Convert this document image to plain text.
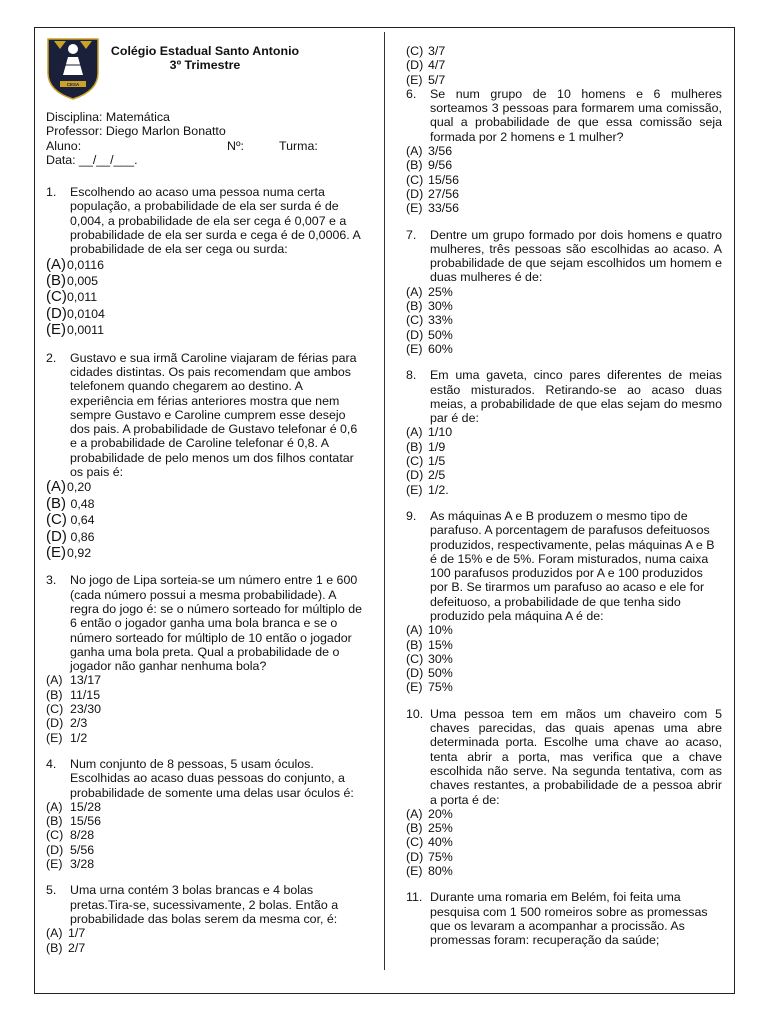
CESA
Colégio Estadual Santo Antonio
3º Trimestre
Disciplina: Matemática
Professor: Diego Marlon Bonatto
Aluno:	Nº:	Turma:
Data: __/__/___.
1.	Escolhendo ao acaso uma pessoa numa certa população, a probabilidade de ela ser surda é de 0,004, a probabilidade de ela ser cega é 0,007 e a probabilidade de ela ser surda e cega é de 0,0006. A probabilidade de ela ser cega ou surda:
(A) 0,0116
(B) 0,005
(C) 0,011
(D) 0,0104
(E) 0,0011
2.	Gustavo e sua irmã Caroline viajaram de férias para cidades distintas. Os pais recomendam que ambos telefonem quando chegarem ao destino. A experiência em férias anteriores mostra que nem sempre Gustavo e Caroline cumprem esse desejo dos pais. A probabilidade de Gustavo telefonar é 0,6 e a probabilidade de Caroline telefonar é 0,8. A probabilidade de pelo menos um dos filhos contatar os pais é:
(A) 0,20
(B) 0,48
(C) 0,64
(D) 0,86
(E) 0,92
3.	No jogo de Lipa sorteia-se um número entre 1 e 600 (cada número possui a mesma probabilidade). A regra do jogo é: se o número sorteado for múltiplo de 6 então o jogador ganha uma bola branca e se o número sorteado for múltiplo de 10 então o jogador ganha uma bola preta. Qual a probabilidade de o jogador não ganhar nenhuma bola?
(A) 13/17
(B) 11/15
(C) 23/30
(D) 2/3
(E) 1/2
4.	Num conjunto de 8 pessoas, 5 usam óculos. Escolhidas ao acaso duas pessoas do conjunto, a probabilidade de somente uma delas usar óculos é:
(A) 15/28
(B) 15/56
(C) 8/28
(D) 5/56
(E) 3/28
5.	Uma urna contém 3 bolas brancas e 4 bolas pretas.Tira-se, sucessivamente, 2 bolas. Então a probabilidade das bolas serem da mesma cor, é:
(A) 1/7
(B) 2/7
(C) 3/7
(D) 4/7
(E) 5/7
6.	Se num grupo de 10 homens e 6 mulheres sorteamos 3 pessoas para formarem uma comissão, qual a probabilidade de que essa comissão seja formada por 2 homens e 1 mulher?
(A) 3/56
(B) 9/56
(C) 15/56
(D) 27/56
(E) 33/56
7.	Dentre um grupo formado por dois homens e quatro mulheres, três pessoas são escolhidas ao acaso. A probabilidade de que sejam escolhidos um homem e duas mulheres é de:
(A) 25%
(B) 30%
(C) 33%
(D) 50%
(E) 60%
8.	Em uma gaveta, cinco pares diferentes de meias estão misturados. Retirando-se ao acaso duas meias, a probabilidade de que elas sejam do mesmo par é de:
(A) 1/10
(B) 1/9
(C) 1/5
(D) 2/5
(E) 1/2.
9.	As máquinas A e B produzem o mesmo tipo de parafuso. A porcentagem de parafusos defeituosos produzidos, respectivamente, pelas máquinas A e B é de 15% e de 5%. Foram misturados, numa caixa 100 parafusos produzidos por A e 100 produzidos por B. Se tirarmos um parafuso ao acaso e ele for defeituoso, a probabilidade de que tenha sido produzido pela máquina A é de:
(A) 10%
(B) 15%
(C) 30%
(D) 50%
(E) 75%
10. Uma pessoa tem em mãos um chaveiro com 5 chaves parecidas, das quais apenas uma abre determinada porta. Escolhe uma chave ao acaso, tenta abrir a porta, mas verifica que a chave escolhida não serve. Na segunda tentativa, com as chaves restantes, a probabilidade de a pessoa abrir a porta é de:
(A) 20%
(B) 25%
(C) 40%
(D) 75%
(E) 80%
11. Durante uma romaria em Belém, foi feita uma pesquisa com 1 500 romeiros sobre as promessas que os levaram a acompanhar a procissão. As promessas foram: recuperação da saúde;
